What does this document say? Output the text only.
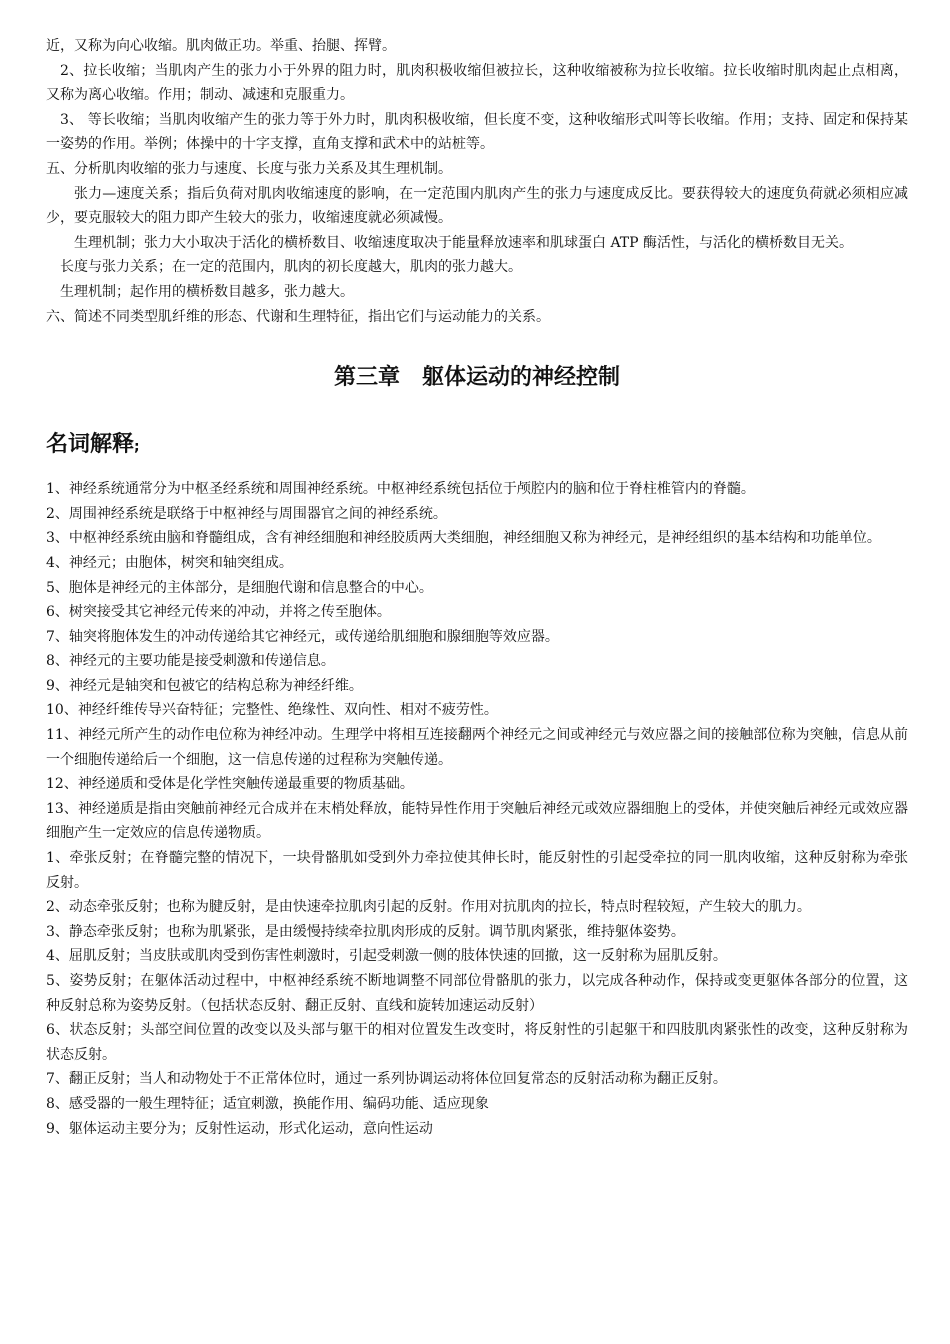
近，又称为向心收缩。肌肉做正功。举重、抬腿、挥臂。

2、拉长收缩；当肌肉产生的张力小于外界的阻力时，肌肉积极收缩但被拉长，这种收缩被称为拉长收缩。拉长收缩时肌肉起止点相离，又称为离心收缩。作用；制动、减速和克服重力。

3、 等长收缩；当肌肉收缩产生的张力等于外力时，肌肉积极收缩，但长度不变，这种收缩形式叫等长收缩。作用；支持、固定和保持某一姿势的作用。举例；体操中的十字支撑，直角支撑和武术中的站桩等。

五、分析肌肉收缩的张力与速度、长度与张力关系及其生理机制。

张力—速度关系；指后负荷对肌肉收缩速度的影响，在一定范围内肌肉产生的张力与速度成反比。要获得较大的速度负荷就必须相应减少，要克服较大的阻力即产生较大的张力，收缩速度就必须减慢。

生理机制；张力大小取决于活化的横桥数目、收缩速度取决于能量释放速率和肌球蛋白 ATP 酶活性，与活化的横桥数目无关。

长度与张力关系；在一定的范围内，肌肉的初长度越大，肌肉的张力越大。

生理机制；起作用的横桥数目越多，张力越大。

六、简述不同类型肌纤维的形态、代谢和生理特征，指出它们与运动能力的关系。

第三章 躯体运动的神经控制
名词解释;

1、神经系统通常分为中枢圣经系统和周围神经系统。中枢神经系统包括位于颅腔内的脑和位于脊柱椎管内的脊髓。

2、周围神经系统是联络于中枢神经与周围器官之间的神经系统。

3、中枢神经系统由脑和脊髓组成，含有神经细胞和神经胶质两大类细胞，神经细胞又称为神经元，是神经组织的基本结构和功能单位。

4、神经元；由胞体，树突和轴突组成。

5、胞体是神经元的主体部分，是细胞代谢和信息整合的中心。

6、树突接受其它神经元传来的冲动，并将之传至胞体。

7、轴突将胞体发生的冲动传递给其它神经元，或传递给肌细胞和腺细胞等效应器。

8、神经元的主要功能是接受刺激和传递信息。

9、神经元是轴突和包被它的结构总称为神经纤维。

10、神经纤维传导兴奋特征；完整性、绝缘性、双向性、相对不疲劳性。

11、神经元所产生的动作电位称为神经冲动。生理学中将相互连接翻两个神经元之间或神经元与效应器之间的接触部位称为突触，信息从前一个细胞传递给后一个细胞，这一信息传递的过程称为突触传递。

12、神经递质和受体是化学性突触传递最重要的物质基础。

13、神经递质是指由突触前神经元合成并在末梢处释放，能特异性作用于突触后神经元或效应器细胞上的受体，并使突触后神经元或效应器细胞产生一定效应的信息传递物质。

1、牵张反射；在脊髓完整的情况下，一块骨骼肌如受到外力牵拉使其伸长时，能反射性的引起受牵拉的同一肌肉收缩，这种反射称为牵张反射。

2、动态牵张反射；也称为腱反射，是由快速牵拉肌肉引起的反射。作用对抗肌肉的拉长，特点时程较短，产生较大的肌力。

3、静态牵张反射；也称为肌紧张，是由缓慢持续牵拉肌肉形成的反射。调节肌肉紧张，维持躯体姿势。

4、屈肌反射；当皮肤或肌肉受到伤害性刺激时，引起受刺激一侧的肢体快速的回撤，这一反射称为屈肌反射。

5、姿势反射；在躯体活动过程中，中枢神经系统不断地调整不同部位骨骼肌的张力，以完成各种动作，保持或变更躯体各部分的位置，这种反射总称为姿势反射。（包括状态反射、翻正反射、直线和旋转加速运动反射）

6、状态反射；头部空间位置的改变以及头部与躯干的相对位置发生改变时，将反射性的引起躯干和四肢肌肉紧张性的改变，这种反射称为状态反射。

7、翻正反射；当人和动物处于不正常体位时，通过一系列协调运动将体位回复常态的反射活动称为翻正反射。

8、感受器的一般生理特征；适宜刺激，换能作用、编码功能、适应现象

9、躯体运动主要分为；反射性运动，形式化运动，意向性运动
